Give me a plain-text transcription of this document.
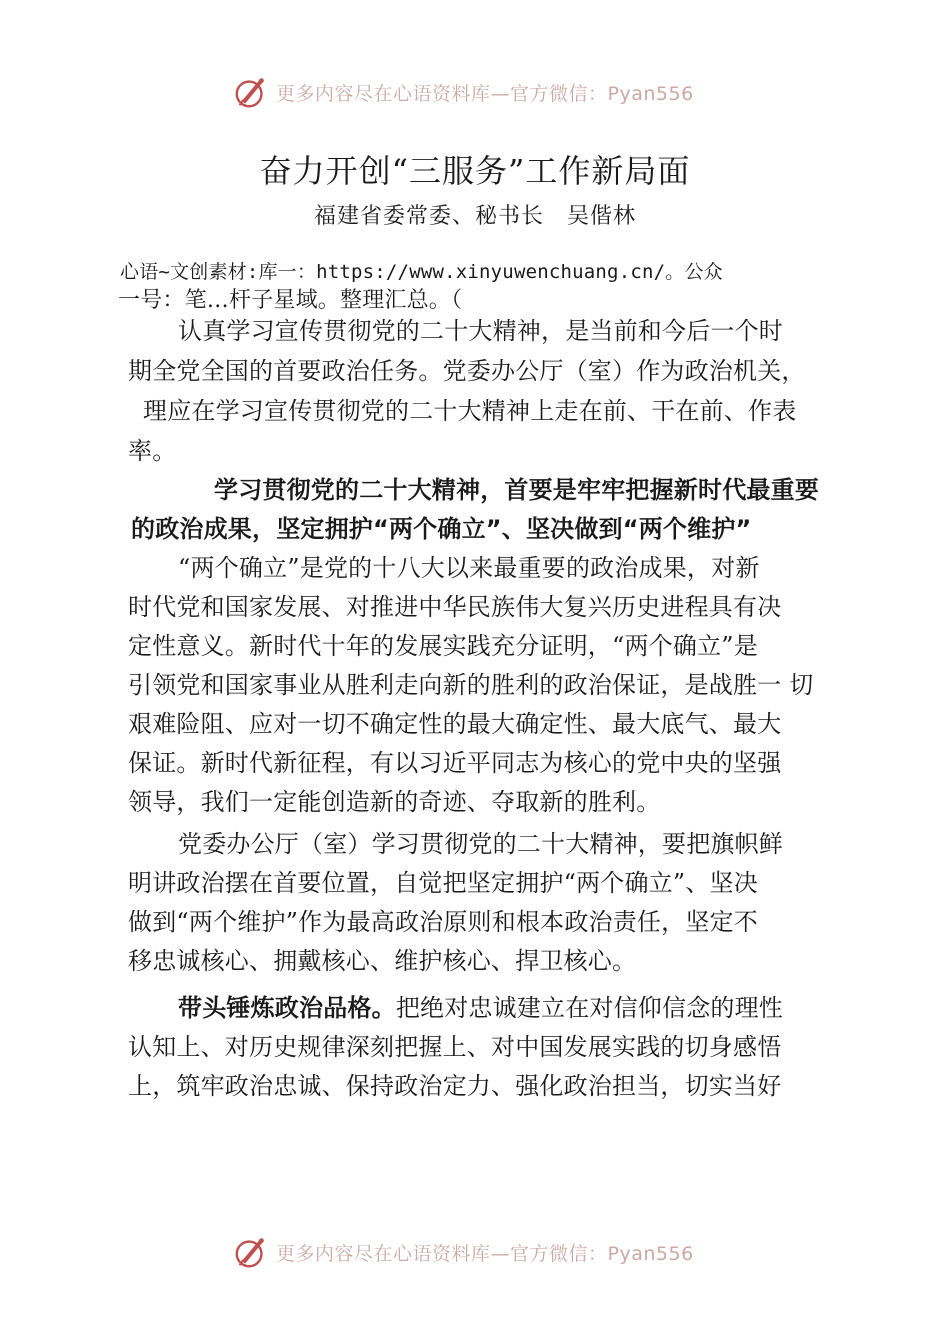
更多内容尽在心语资料库—官方微信：Pyan556
奋力开创“三服务”工作新局面
福建省委常委、秘书长　吴偕林
心语~文创素材:库一：https://www.xinyuwenchuang.cn/。公众
一号：笔…杆子星域。整理汇总。（
认真学习宣传贯彻党的二十大精神，是当前和今后一个时
期全党全国的首要政治任务。党委办公厅（室）作为政治机关，
理应在学习宣传贯彻党的二十大精神上走在前、干在前、作表
率。
学习贯彻党的二十大精神，首要是牢牢把握新时代最重要
的政治成果，坚定拥护“两个确立”、坚决做到“两个维护”
“两个确立”是党的十八大以来最重要的政治成果，对新
时代党和国家发展、对推进中华民族伟大复兴历史进程具有决
定性意义。新时代十年的发展实践充分证明，“两个确立”是
引领党和国家事业从胜利走向新的胜利的政治保证，是战胜一 切
艰难险阻、应对一切不确定性的最大确定性、最大底气、最大
保证。新时代新征程，有以习近平同志为核心的党中央的坚强
领导，我们一定能创造新的奇迹、夺取新的胜利。
党委办公厅（室）学习贯彻党的二十大精神，要把旗帜鲜
明讲政治摆在首要位置，自觉把坚定拥护“两个确立”、坚决
做到“两个维护”作为最高政治原则和根本政治责任，坚定不
移忠诚核心、拥戴核心、维护核心、捍卫核心。
带头锤炼政治品格。把绝对忠诚建立在对信仰信念的理性
认知上、对历史规律深刻把握上、对中国发展实践的切身感悟
上，筑牢政治忠诚、保持政治定力、强化政治担当，切实当好
更多内容尽在心语资料库—官方微信：Pyan556
